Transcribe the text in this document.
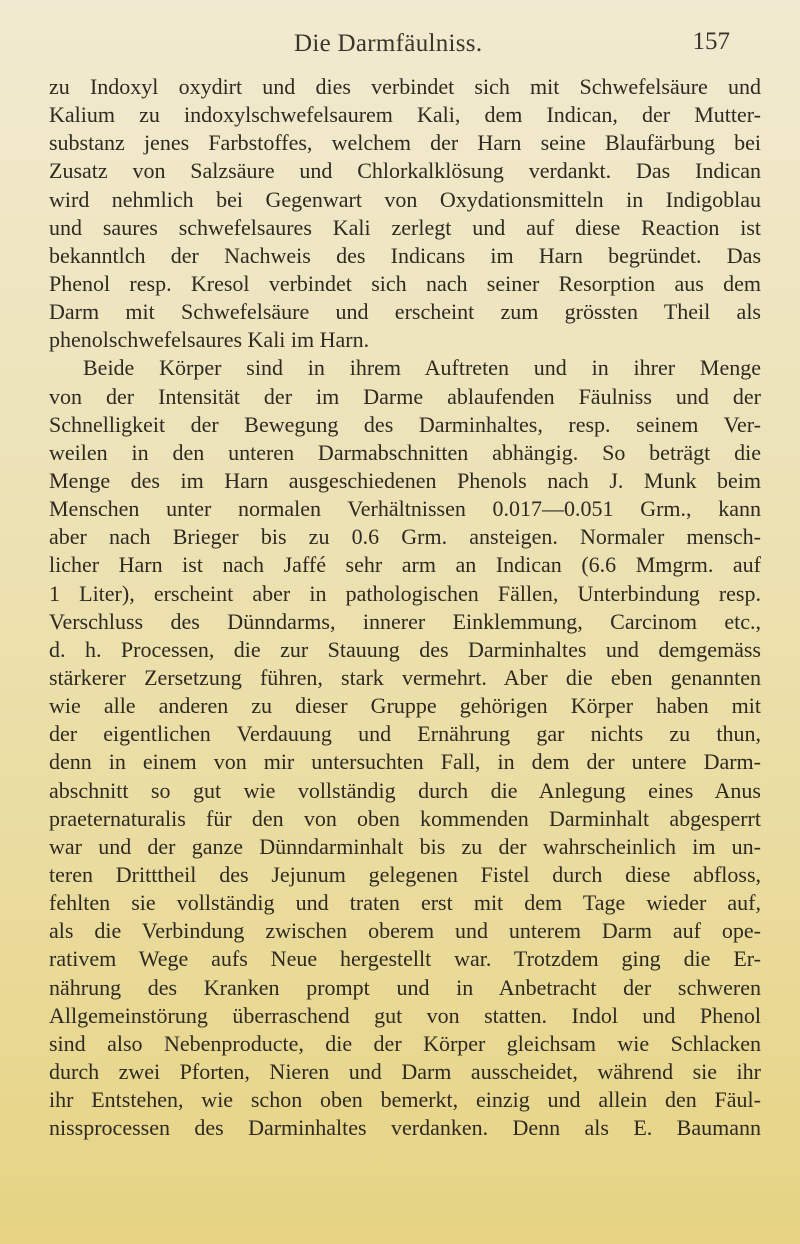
Die Darmfäulniss.	157
zu Indoxyl oxydirt und dies verbindet sich mit Schwefelsäure und
Kalium zu indoxylschwefelsaurem Kali, dem Indican, der Mutter-
substanz jenes Farbstoffes, welchem der Harn seine Blaufärbung bei
Zusatz von Salzsäure und Chlorkalklösung verdankt. Das Indican
wird nehmlich bei Gegenwart von Oxydationsmitteln in Indigoblau
und saures schwefelsaures Kali zerlegt und auf diese Reaction ist
bekanntlch der Nachweis des Indicans im Harn begründet. Das
Phenol resp. Kresol verbindet sich nach seiner Resorption aus dem
Darm mit Schwefelsäure und erscheint zum grössten Theil als
phenolschwefelsaures Kali im Harn.
Beide Körper sind in ihrem Auftreten und in ihrer Menge
von der Intensität der im Darme ablaufenden Fäulniss und der
Schnelligkeit der Bewegung des Darminhaltes, resp. seinem Ver-
weilen in den unteren Darmabschnitten abhängig. So beträgt die
Menge des im Harn ausgeschiedenen Phenols nach J. Munk beim
Menschen unter normalen Verhältnissen 0.017—0.051 Grm., kann
aber nach Brieger bis zu 0.6 Grm. ansteigen. Normaler mensch-
licher Harn ist nach Jaffé sehr arm an Indican (6.6 Mmgrm. auf
1 Liter), erscheint aber in pathologischen Fällen, Unterbindung resp.
Verschluss des Dünndarms, innerer Einklemmung, Carcinom etc.,
d. h. Processen, die zur Stauung des Darminhaltes und demgemäss
stärkerer Zersetzung führen, stark vermehrt. Aber die eben genannten
wie alle anderen zu dieser Gruppe gehörigen Körper haben mit
der eigentlichen Verdauung und Ernährung gar nichts zu thun,
denn in einem von mir untersuchten Fall, in dem der untere Darm-
abschnitt so gut wie vollständig durch die Anlegung eines Anus
praeternaturalis für den von oben kommenden Darminhalt abgesperrt
war und der ganze Dünndarminhalt bis zu der wahrscheinlich im un-
teren Dritttheil des Jejunum gelegenen Fistel durch diese abfloss,
fehlten sie vollständig und traten erst mit dem Tage wieder auf,
als die Verbindung zwischen oberem und unterem Darm auf ope-
rativem Wege aufs Neue hergestellt war. Trotzdem ging die Er-
nährung des Kranken prompt und in Anbetracht der schweren
Allgemeinstörung überraschend gut von statten. Indol und Phenol
sind also Nebenproducte, die der Körper gleichsam wie Schlacken
durch zwei Pforten, Nieren und Darm ausscheidet, während sie ihr
ihr Entstehen, wie schon oben bemerkt, einzig und allein den Fäul-
nissprocessen des Darminhaltes verdanken. Denn als E. Baumann
